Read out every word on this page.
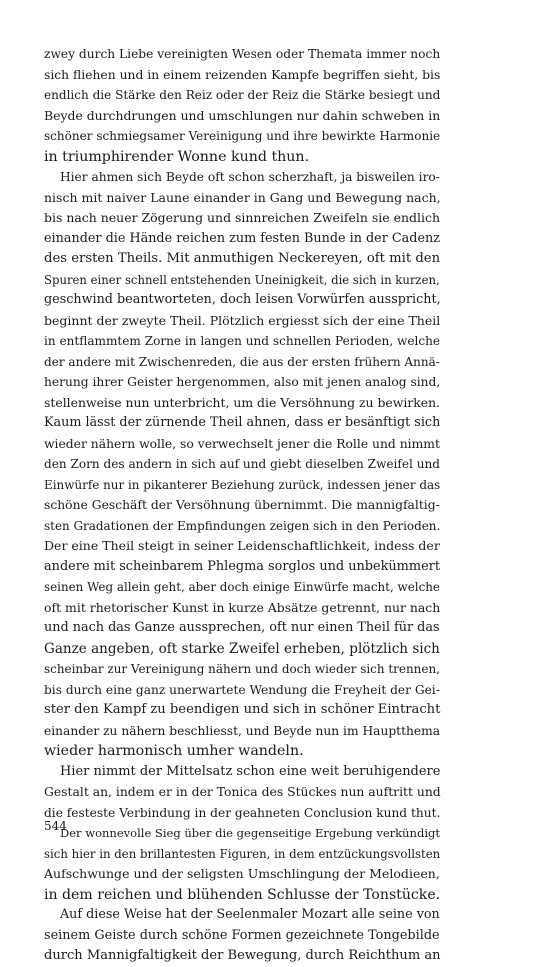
zwey durch Liebe vereinigten Wesen oder Themata immer noch
sich fliehen und in einem reizenden Kampfe begriffen sieht, bis
endlich die Stärke den Reiz oder der Reiz die Stärke besiegt und
Beyde durchdrungen und umschlungen nur dahin schweben in
schöner schmiegsamer Vereinigung und ihre bewirkte Harmonie
in triumphirender Wonne kund thun.
Hier ahmen sich Beyde oft schon scherzhaft, ja bisweilen iro-
nisch mit naiver Laune einander in Gang und Bewegung nach,
bis nach neuer Zögerung und sinnreichen Zweifeln sie endlich
einander die Hände reichen zum festen Bunde in der Cadenz
des ersten Theils. Mit anmuthigen Neckereyen, oft mit den
Spuren einer schnell entstehenden Uneinigkeit, die sich in kurzen,
geschwind beantworteten, doch leisen Vorwürfen ausspricht,
beginnt der zweyte Theil. Plötzlich ergiesst sich der eine Theil
in entflammtem Zorne in langen und schnellen Perioden, welche
der andere mit Zwischenreden, die aus der ersten frühern Annä-
herung ihrer Geister hergenommen, also mit jenen analog sind,
stellenweise nun unterbricht, um die Versöhnung zu bewirken.
Kaum lässt der zürnende Theil ahnen, dass er besänftigt sich
wieder nähern wolle, so verwechselt jener die Rolle und nimmt
den Zorn des andern in sich auf und giebt dieselben Zweifel und
Einwürfe nur in pikanterer Beziehung zurück, indessen jener das
schöne Geschäft der Versöhnung übernimmt. Die mannigfaltig-
sten Gradationen der Empfindungen zeigen sich in den Perioden.
Der eine Theil steigt in seiner Leidenschaftlichkeit, indess der
andere mit scheinbarem Phlegma sorglos und unbekümmert
seinen Weg allein geht, aber doch einige Einwürfe macht, welche
oft mit rhetorischer Kunst in kurze Absätze getrennt, nur nach
und nach das Ganze aussprechen, oft nur einen Theil für das
Ganze angeben, oft starke Zweifel erheben, plötzlich sich
scheinbar zur Vereinigung nähern und doch wieder sich trennen,
bis durch eine ganz unerwartete Wendung die Freyheit der Gei-
ster den Kampf zu beendigen und sich in schöner Eintracht
einander zu nähern beschliesst, und Beyde nun im Hauptthema
wieder harmonisch umher wandeln.
Hier nimmt der Mittelsatz schon eine weit beruhigendere
Gestalt an, indem er in der Tonica des Stückes nun auftritt und
die festeste Verbindung in der geahneten Conclusion kund thut.
Der wonnevolle Sieg über die gegenseitige Ergebung verkündigt
sich hier in den brillantesten Figuren, in dem entzückungsvollsten
Aufschwunge und der seligsten Umschlingung der Melodieen,
in dem reichen und blühenden Schlusse der Tonstücke.
Auf diese Weise hat der Seelenmaler Mozart alle seine von
seinem Geiste durch schöne Formen gezeichnete Tongebilde
durch Mannigfaltigkeit der Bewegung, durch Reichthum an
544
